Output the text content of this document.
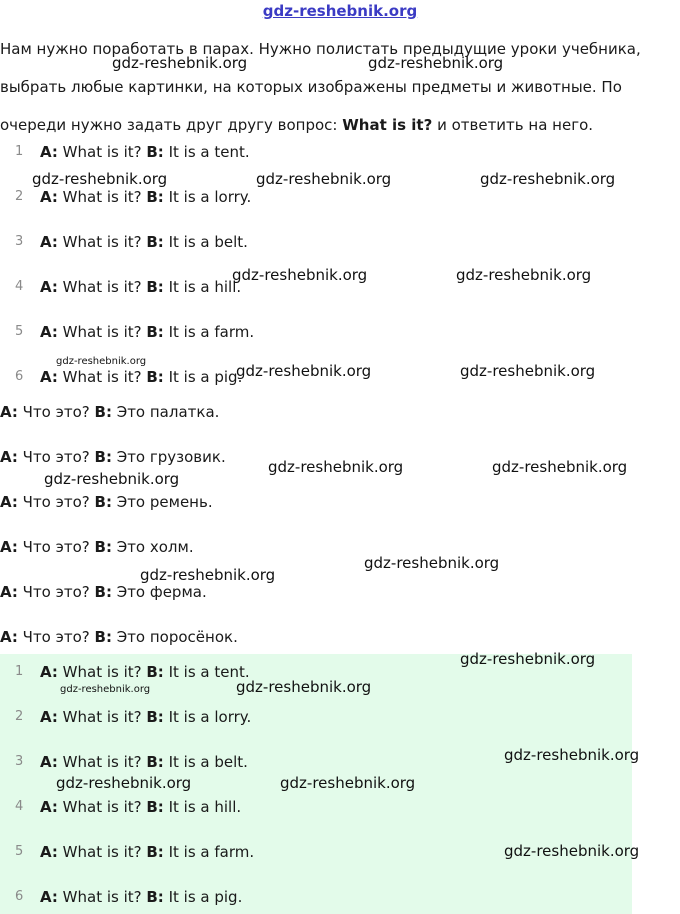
gdz-reshebnik.org
Нам нужно поработать в парах. Нужно полистать предыдущие уроки учебника, выбрать любые картинки, на которых изображены предметы и животные. По очереди нужно задать друг другу вопрос: What is it? и ответить на него.
1 A: What is it? B: It is a tent.
2 A: What is it? B: It is a lorry.
3 A: What is it? B: It is a belt.
4 A: What is it? B: It is a hill.
5 A: What is it? B: It is a farm.
6 A: What is it? B: It is a pig.
A: Что это? B: Это палатка.
A: Что это? B: Это грузовик.
A: Что это? B: Это ремень.
A: Что это? B: Это холм.
A: Что это? B: Это ферма.
A: Что это? B: Это поросёнок.
1 A: What is it? B: It is a tent.
2 A: What is it? B: It is a lorry.
3 A: What is it? B: It is a belt.
4 A: What is it? B: It is a hill.
5 A: What is it? B: It is a farm.
6 A: What is it? B: It is a pig.
gdz-reshebnik.org	gdz-reshebnik.org
gdz-reshebnik.org	gdz-reshebnik.org	gdz-reshebnik.org
gdz-reshebnik.org	gdz-reshebnik.org
gdz-reshebnik.org
gdz-reshebnik.org	gdz-reshebnik.org
gdz-reshebnik.org	gdz-reshebnik.org
gdz-reshebnik.org
gdz-reshebnik.org
gdz-reshebnik.org
gdz-reshebnik.org
gdz-reshebnik.org	gdz-reshebnik.org
gdz-reshebnik.org
gdz-reshebnik.org	gdz-reshebnik.org
gdz-reshebnik.org
